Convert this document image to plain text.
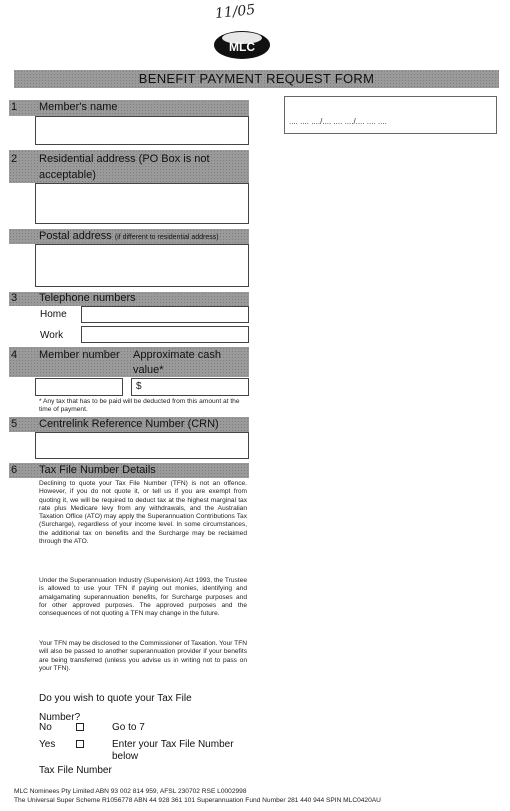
11/05
MLC
BENEFIT PAYMENT REQUEST FORM
.... .... ..../.... .... ..../.... .... ....
1 Member's name
2 Residential address (PO Box is not acceptable)
Postal address (if different to residential address)
3 Telephone numbers
Home
Work
4 Member number Approximate cash value*
$
* Any tax that has to be paid will be deducted from this amount at the time of payment.
5 Centrelink Reference Number (CRN)
6 Tax File Number Details
Declining to quote your Tax File Number (TFN) is not an offence. However, if you do not quote it, or tell us if you are exempt from quoting it, we will be required to deduct tax at the highest marginal tax rate plus Medicare levy from any withdrawals, and the Australian Taxation Office (ATO) may apply the Superannuation Contributions Tax (Surcharge), regardless of your income level. In some circumstances, the additional tax on benefits and the Surcharge may be reclaimed through the ATO.
Under the Superannuation Industry (Supervision) Act 1993, the Trustee is allowed to use your TFN if paying out monies, identifying and amalgamating superannuation benefits, for Surcharge purposes and for other approved purposes. The approved purposes and the consequences of not quoting a TFN may change in the future.
Your TFN may be disclosed to the Commissioner of Taxation. Your TFN will also be passed to another superannuation provider if your benefits are being transferred (unless you advise us in writing not to pass on your TFN).
Do you wish to quote your Tax File Number?
No	Go to 7
Yes	Enter your Tax File Number below
Tax File Number
MLC Nominees Pty Limited ABN 93 002 814 959, AFSL 230702 RSE L0002998
The Universal Super Scheme R1056778 ABN 44 928 361 101 Superannuation Fund Number 281 440 944 SPIN MLC0420AU
